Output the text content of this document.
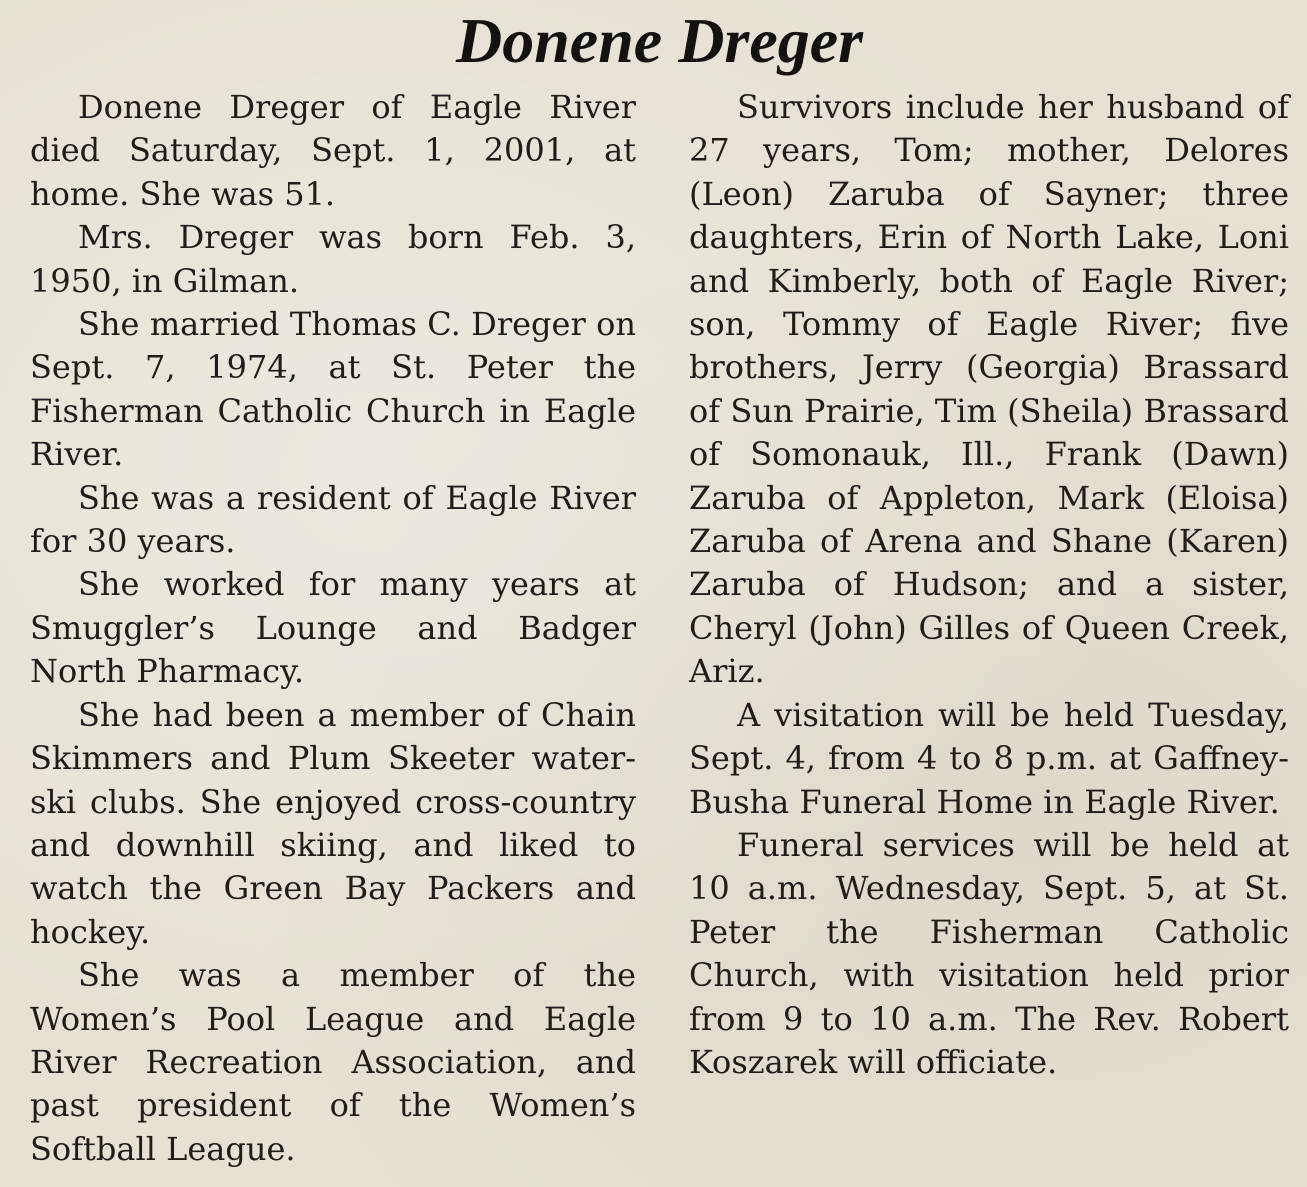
Donene Dreger

Donene Dreger of Eagle River died Saturday, Sept. 1, 2001, at home. She was 51.

Mrs. Dreger was born Feb. 3, 1950, in Gilman.

She married Thomas C. Dreger on Sept. 7, 1974, at St. Peter the Fisherman Catholic Church in Eagle River.

She was a resident of Eagle River for 30 years.

She worked for many years at Smuggler’s Lounge and Badger North Pharmacy.

She had been a member of Chain Skimmers and Plum Skeeter water-ski clubs. She enjoyed cross-country and downhill skiing, and liked to watch the Green Bay Packers and hockey.

She was a member of the Women’s Pool League and Eagle River Recreation Association, and past president of the Women’s Softball League.

Survivors include her husband of 27 years, Tom; mother, Delores (Leon) Zaruba of Sayner; three daughters, Erin of North Lake, Loni and Kimberly, both of Eagle River; son, Tommy of Eagle River; five brothers, Jerry (Georgia) Brassard of Sun Prairie, Tim (Sheila) Brassard of Somonauk, Ill., Frank (Dawn) Zaruba of Appleton, Mark (Eloisa) Zaruba of Arena and Shane (Karen) Zaruba of Hudson; and a sister, Cheryl (John) Gilles of Queen Creek, Ariz.

A visitation will be held Tuesday, Sept. 4, from 4 to 8 p.m. at Gaffney-Busha Funeral Home in Eagle River.

Funeral services will be held at 10 a.m. Wednesday, Sept. 5, at St. Peter the Fisherman Catholic Church, with visitation held prior from 9 to 10 a.m. The Rev. Robert Koszarek will officiate.
